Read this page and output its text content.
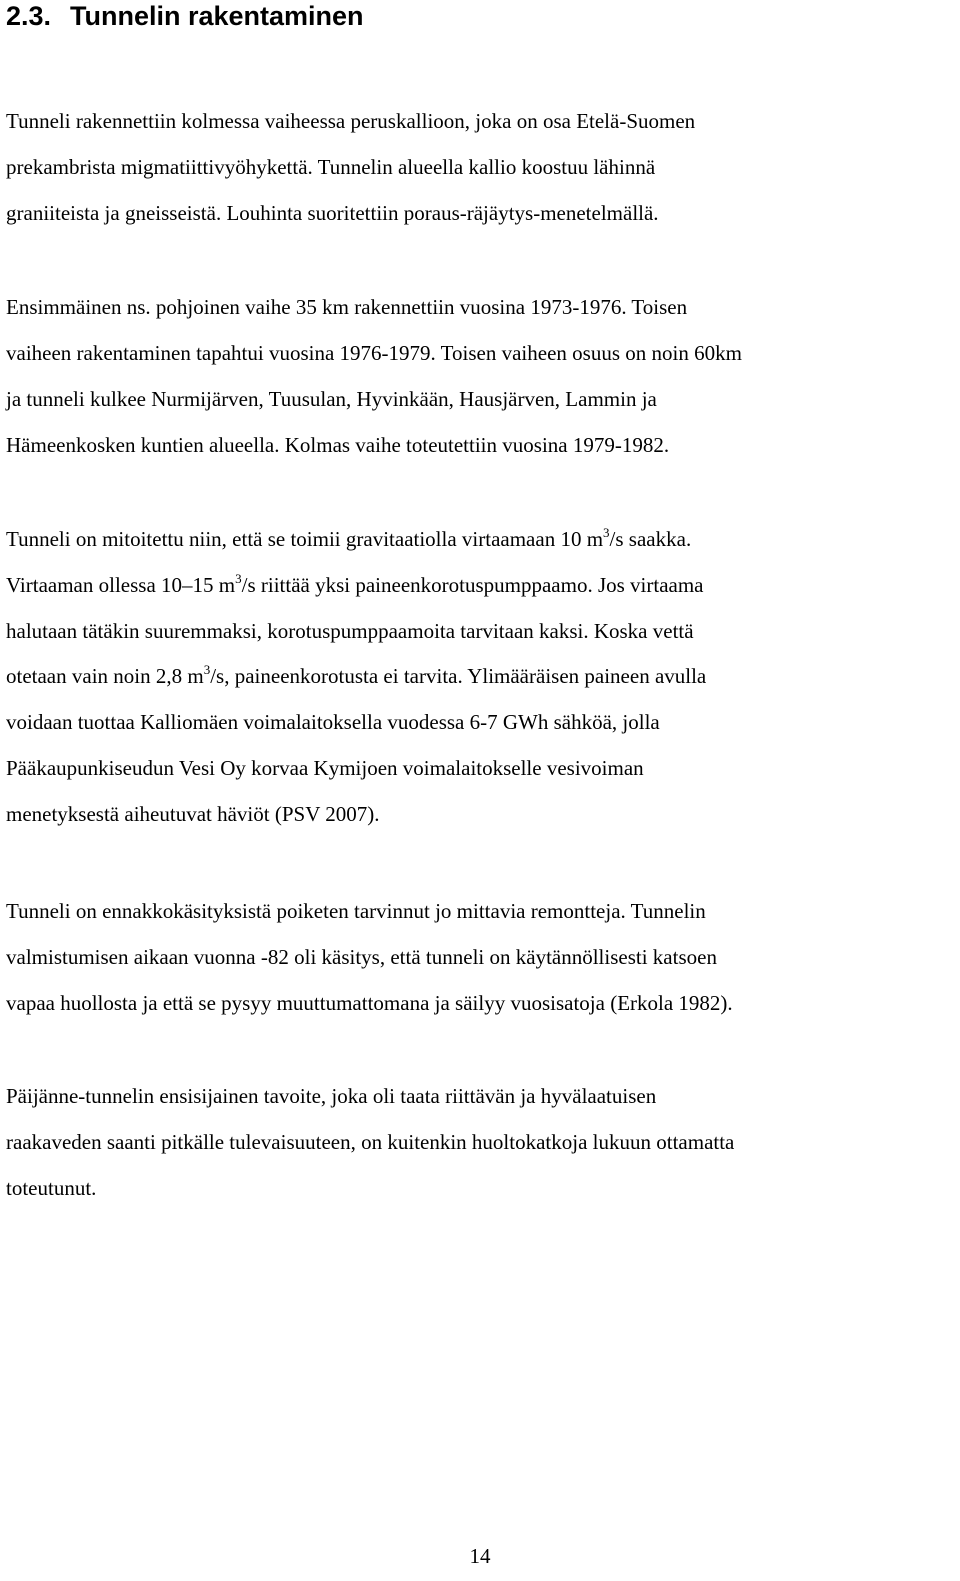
2.3. Tunnelin rakentaminen
Tunneli rakennettiin kolmessa vaiheessa peruskallioon, joka on osa Etelä-Suomen
prekambrista migmatiittivyöhykettä. Tunnelin alueella kallio koostuu lähinnä
graniiteista ja gneisseistä. Louhinta suoritettiin poraus-räjäytys-menetelmällä.
Ensimmäinen ns. pohjoinen vaihe 35 km rakennettiin vuosina 1973-1976. Toisen
vaiheen rakentaminen tapahtui vuosina 1976-1979. Toisen vaiheen osuus on noin 60km
ja tunneli kulkee Nurmijärven, Tuusulan, Hyvinkään, Hausjärven, Lammin ja
Hämeenkosken kuntien alueella. Kolmas vaihe toteutettiin vuosina 1979-1982.
Tunneli on mitoitettu niin, että se toimii gravitaatiolla virtaamaan 10 $m^3/s$ saakka.
Virtaaman ollessa 10–15 $m^3/s$ riittää yksi paineenkorotuspumppaamo. Jos virtaama
halutaan tätäkin suuremmaksi, korotuspumppaamoita tarvitaan kaksi. Koska vettä
otetaan vain noin 2,8 $m^3/s$, paineenkorotusta ei tarvita. Ylimääräisen paineen avulla
voidaan tuottaa Kalliomäen voimalaitoksella vuodessa 6-7 GWh sähköä, jolla
Pääkaupunkiseudun Vesi Oy korvaa Kymijoen voimalaitokselle vesivoiman
menetyksestä aiheutuvat häviöt (PSV 2007).
Tunneli on ennakkokäsityksistä poiketen tarvinnut jo mittavia remontteja. Tunnelin
valmistumisen aikaan vuonna -82 oli käsitys, että tunneli on käytännöllisesti katsoen
vapaa huollosta ja että se pysyy muuttumattomana ja säilyy vuosisatoja (Erkola 1982).
Päijänne-tunnelin ensisijainen tavoite, joka oli taata riittävän ja hyvälaatuisen
raakaveden saanti pitkälle tulevaisuuteen, on kuitenkin huoltokatkoja lukuun ottamatta
toteutunut.
14
